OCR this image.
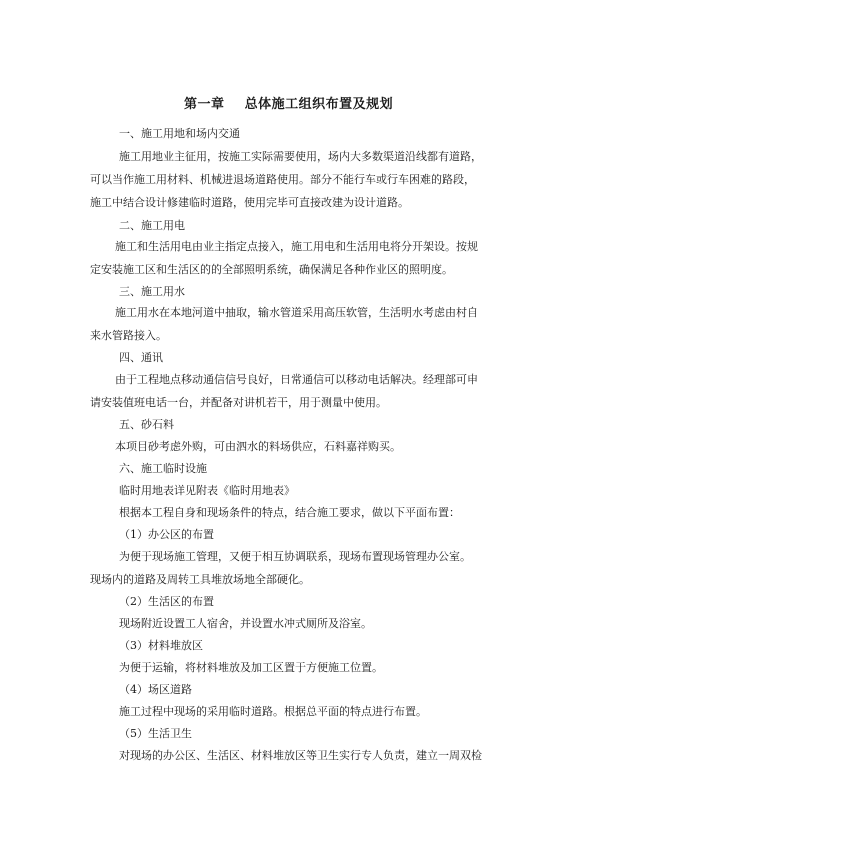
第一章    总体施工组织布置及规划
一、施工用地和场内交通
施工用地业主征用，按施工实际需要使用，场内大多数渠道沿线都有道路，
可以当作施工用材料、机械进退场道路使用。部分不能行车或行车困难的路段，
施工中结合设计修建临时道路，使用完毕可直接改建为设计道路。
二、施工用电
施工和生活用电由业主指定点接入，施工用电和生活用电将分开架设。按规
定安装施工区和生活区的的全部照明系统，确保满足各种作业区的照明度。
三、施工用水
施工用水在本地河道中抽取，输水管道采用高压软管，生活明水考虑由村自
来水管路接入。
四、通讯
由于工程地点移动通信信号良好，日常通信可以移动电话解决。经理部可申
请安装值班电话一台，并配备对讲机若干，用于测量中使用。
五、砂石料
本项目砂考虑外购，可由泗水的料场供应，石料嘉祥购买。
六、施工临时设施
临时用地表详见附表《临时用地表》
根据本工程自身和现场条件的特点，结合施工要求，做以下平面布置：
（1）办公区的布置
为便于现场施工管理，又便于相互协调联系，现场布置现场管理办公室。
现场内的道路及周转工具堆放场地全部硬化。
（2）生活区的布置
现场附近设置工人宿舍，并设置水冲式厕所及浴室。
（3）材料堆放区
为便于运输，将材料堆放及加工区置于方便施工位置。
（4）场区道路
施工过程中现场的采用临时道路。根据总平面的特点进行布置。
（5）生活卫生
对现场的办公区、生活区、材料堆放区等卫生实行专人负责，建立一周双检
